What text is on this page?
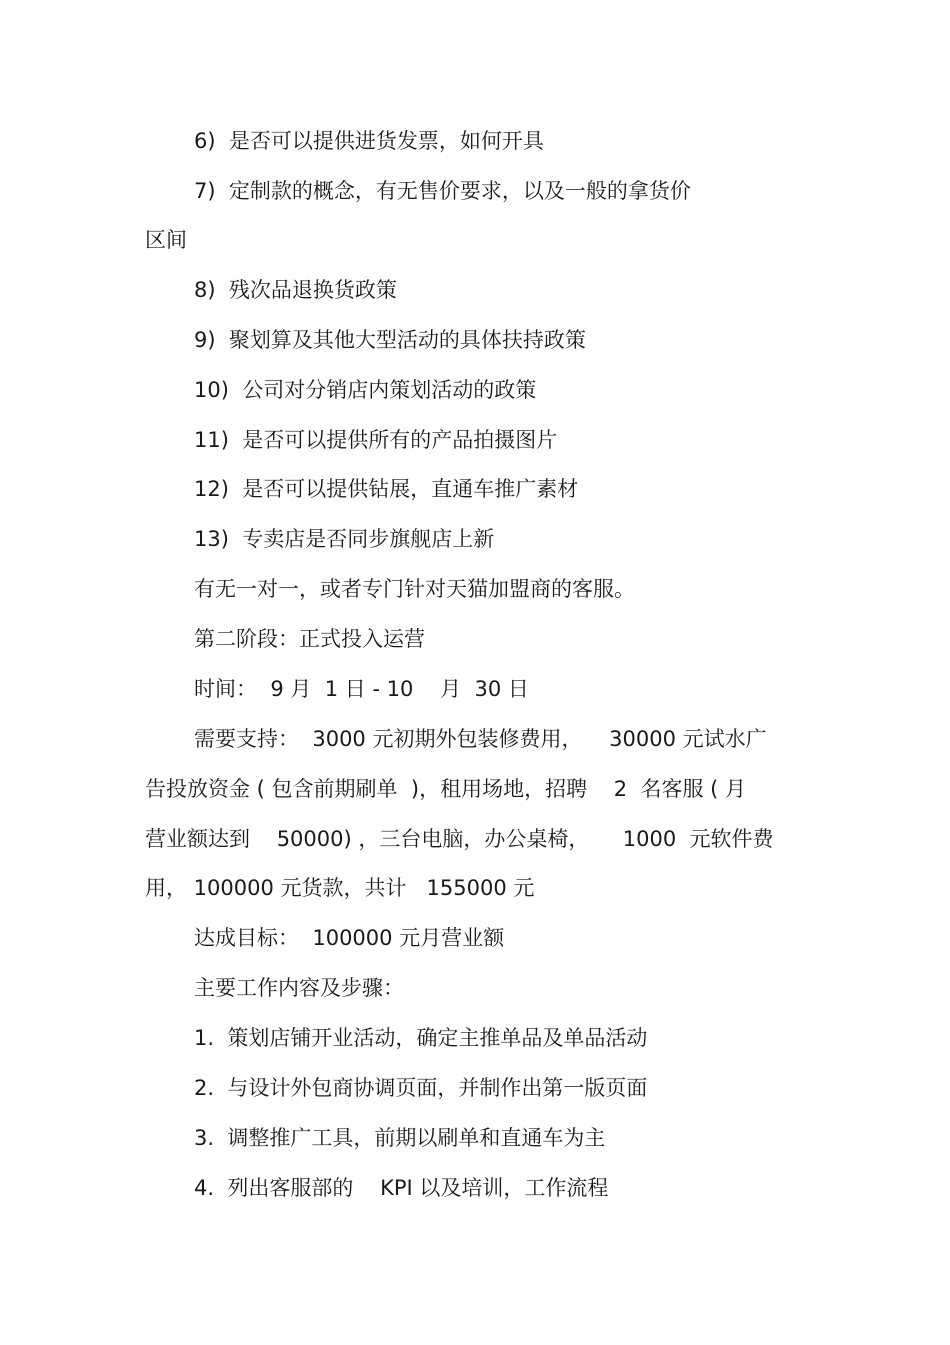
6)  是否可以提供进货发票，如何开具

7)  定制款的概念，有无售价要求，以及一般的拿货价

区间

8)  残次品退换货政策

9)  聚划算及其他大型活动的具体扶持政策

10)  公司对分销店内策划活动的政策

11)  是否可以提供所有的产品拍摄图片

12)  是否可以提供钻展，直通车推广素材

13)  专卖店是否同步旗舰店上新

有无一对一，或者专门针对天猫加盟商的客服。

第二阶段：正式投入运营

时间：  9 月  1 日 - 10    月  30 日

需要支持：  3000 元初期外包装修费用，    30000 元试水广

告投放资金 ( 包含前期刷单  )，租用场地，招聘    2  名客服 ( 月

营业额达到    50000) ，三台电脑，办公桌椅，     1000  元软件费

用， 100000 元货款，共计   155000 元

达成目标：  100000 元月营业额

主要工作内容及步骤：

1.  策划店铺开业活动，确定主推单品及单品活动

2.  与设计外包商协调页面，并制作出第一版页面

3.  调整推广工具，前期以刷单和直通车为主

4.  列出客服部的    KPI 以及培训，工作流程
